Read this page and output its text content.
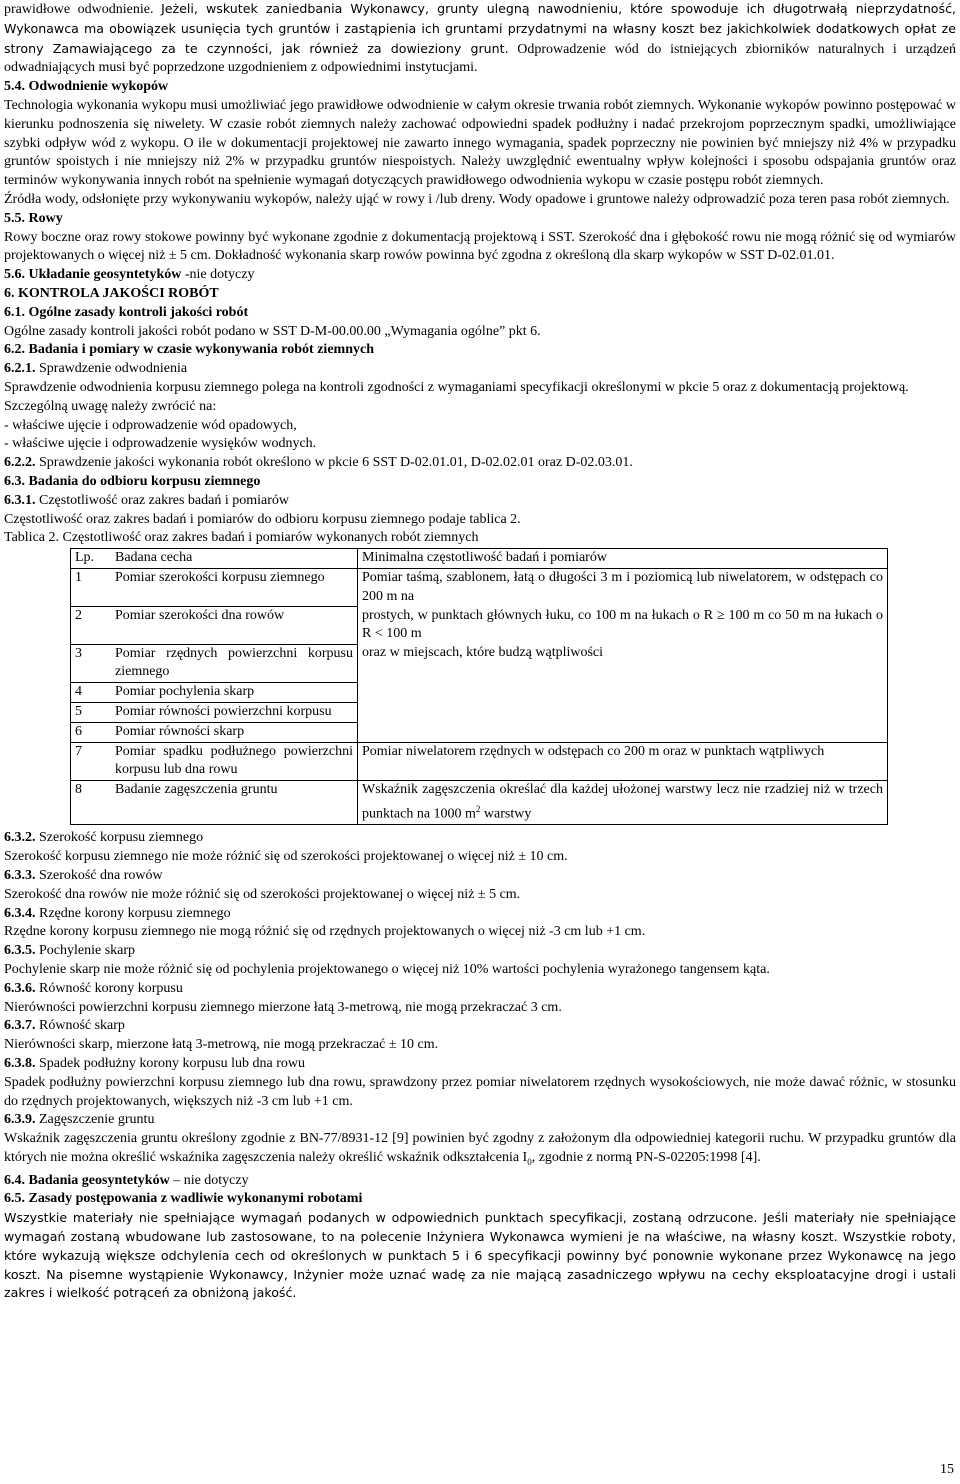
prawidłowe odwodnienie. Jeżeli, wskutek zaniedbania Wykonawcy, grunty ulegną nawodnieniu, które spowoduje ich długotrwałą nieprzydatność, Wykonawca ma obowiązek usunięcia tych gruntów i zastąpienia ich gruntami przydatnymi na własny koszt bez jakichkolwiek dodatkowych opłat ze strony Zamawiającego za te czynności, jak również za dowieziony grunt. Odprowadzenie wód do istniejących zbiorników naturalnych i urządzeń odwadniających musi być poprzedzone uzgodnieniem z odpowiednimi instytucjami.

5.4. Odwodnienie wykopów

Technologia wykonania wykopu musi umożliwiać jego prawidłowe odwodnienie w całym okresie trwania robót ziemnych. Wykonanie wykopów powinno postępować w kierunku podnoszenia się niwelety. W czasie robót ziemnych należy zachować odpowiedni spadek podłużny i nadać przekrojom poprzecznym spadki, umożliwiające szybki odpływ wód z wykopu. O ile w dokumentacji projektowej nie zawarto innego wymagania, spadek poprzeczny nie powinien być mniejszy niż 4% w przypadku gruntów spoistych i nie mniejszy niż 2% w przypadku gruntów niespoistych. Należy uwzględnić ewentualny wpływ kolejności i sposobu odspajania gruntów oraz terminów wykonywania innych robót na spełnienie wymagań dotyczących prawidłowego odwodnienia wykopu w czasie postępu robót ziemnych.

Źródła wody, odsłonięte przy wykonywaniu wykopów, należy ująć w rowy i /lub dreny. Wody opadowe i gruntowe należy odprowadzić poza teren pasa robót ziemnych.

5.5. Rowy

Rowy boczne oraz rowy stokowe powinny być wykonane zgodnie z dokumentacją projektową i SST. Szerokość dna i głębokość rowu nie mogą różnić się od wymiarów projektowanych o więcej niż ± 5 cm. Dokładność wykonania skarp rowów powinna być zgodna z określoną dla skarp wykopów w SST D-02.01.01.

5.6. Układanie geosyntetyków -nie dotyczy

6. KONTROLA JAKOŚCI ROBÓT

6.1. Ogólne zasady kontroli jakości robót

Ogólne zasady kontroli jakości robót podano w SST D-M-00.00.00 „Wymagania ogólne” pkt 6.

6.2. Badania i pomiary w czasie wykonywania robót ziemnych

6.2.1. Sprawdzenie odwodnienia

Sprawdzenie odwodnienia korpusu ziemnego polega na kontroli zgodności z wymaganiami specyfikacji określonymi w pkcie 5 oraz z dokumentacją projektową.

Szczególną uwagę należy zwrócić na:

- właściwe ujęcie i odprowadzenie wód opadowych,

- właściwe ujęcie i odprowadzenie wysięków wodnych.

6.2.2. Sprawdzenie jakości wykonania robót określono w pkcie 6 SST D-02.01.01, D-02.02.01 oraz D-02.03.01.

6.3. Badania do odbioru korpusu ziemnego

6.3.1. Częstotliwość oraz zakres badań i pomiarów

Częstotliwość oraz zakres badań i pomiarów do odbioru korpusu ziemnego podaje tablica 2.

Tablica 2. Częstotliwość oraz zakres badań i pomiarów wykonanych robót ziemnych

Lp.	Badana cecha	Minimalna częstotliwość badań i pomiarów
1	Pomiar szerokości korpusu ziemnego	Pomiar taśmą, szablonem, łatą o długości 3 m i poziomicą lub niwelatorem, w odstępach co 200 m na
2	Pomiar szerokości dna rowów	prostych, w punktach głównych łuku, co 100 m na łukach o R ≥ 100 m co 50 m na łukach o R < 100 m
3	Pomiar rzędnych powierzchni korpusu ziemnego	oraz w miejscach, które budzą wątpliwości
4	Pomiar pochylenia skarp	
5	Pomiar równości powierzchni korpusu	
6	Pomiar równości skarp	
7	Pomiar spadku podłużnego powierzchni korpusu lub dna rowu	Pomiar niwelatorem rzędnych w odstępach co 200 m oraz w punktach wątpliwych
8	Badanie zagęszczenia gruntu	Wskaźnik zagęszczenia określać dla każdej ułożonej warstwy lecz nie rzadziej niż w trzech punktach na 1000 $m^2$ warstwy

6.3.2. Szerokość korpusu ziemnego

Szerokość korpusu ziemnego nie może różnić się od szerokości projektowanej o więcej niż ± 10 cm.

6.3.3. Szerokość dna rowów

Szerokość dna rowów nie może różnić się od szerokości projektowanej o więcej niż ± 5 cm.

6.3.4. Rzędne korony korpusu ziemnego

Rzędne korony korpusu ziemnego nie mogą różnić się od rzędnych projektowanych o więcej niż -3 cm lub +1 cm.

6.3.5. Pochylenie skarp

Pochylenie skarp nie może różnić się od pochylenia projektowanego o więcej niż 10% wartości pochylenia wyrażonego tangensem kąta.

6.3.6. Równość korony korpusu

Nierówności powierzchni korpusu ziemnego mierzone łatą 3-metrową, nie mogą przekraczać 3 cm.

6.3.7. Równość skarp

Nierówności skarp, mierzone łatą 3-metrową, nie mogą przekraczać ± 10 cm.

6.3.8. Spadek podłużny korony korpusu lub dna rowu

Spadek podłużny powierzchni korpusu ziemnego lub dna rowu, sprawdzony przez pomiar niwelatorem rzędnych wysokościowych, nie może dawać różnic, w stosunku do rzędnych projektowanych, większych niż -3 cm lub +1 cm.

6.3.9. Zagęszczenie gruntu

Wskaźnik zagęszczenia gruntu określony zgodnie z BN-77/8931-12 [9] powinien być zgodny z założonym dla odpowiedniej kategorii ruchu. W przypadku gruntów dla których nie można określić wskaźnika zagęszczenia należy określić wskaźnik odkształcenia $I_0$, zgodnie z normą PN-S-02205:1998 [4].

6.4. Badania geosyntetyków – nie dotyczy

6.5. Zasady postępowania z wadliwie wykonanymi robotami

Wszystkie materiały nie spełniające wymagań podanych w odpowiednich punktach specyfikacji, zostaną odrzucone. Jeśli materiały nie spełniające wymagań zostaną wbudowane lub zastosowane, to na polecenie Inżyniera Wykonawca wymieni je na właściwe, na własny koszt. Wszystkie roboty, które wykazują większe odchylenia cech od określonych w punktach 5 i 6 specyfikacji powinny być ponownie wykonane przez Wykonawcę na jego koszt. Na pisemne wystąpienie Wykonawcy, Inżynier może uznać wadę za nie mającą zasadniczego wpływu na cechy eksploatacyjne drogi i ustali zakres i wielkość potrąceń za obniżoną jakość.

15
